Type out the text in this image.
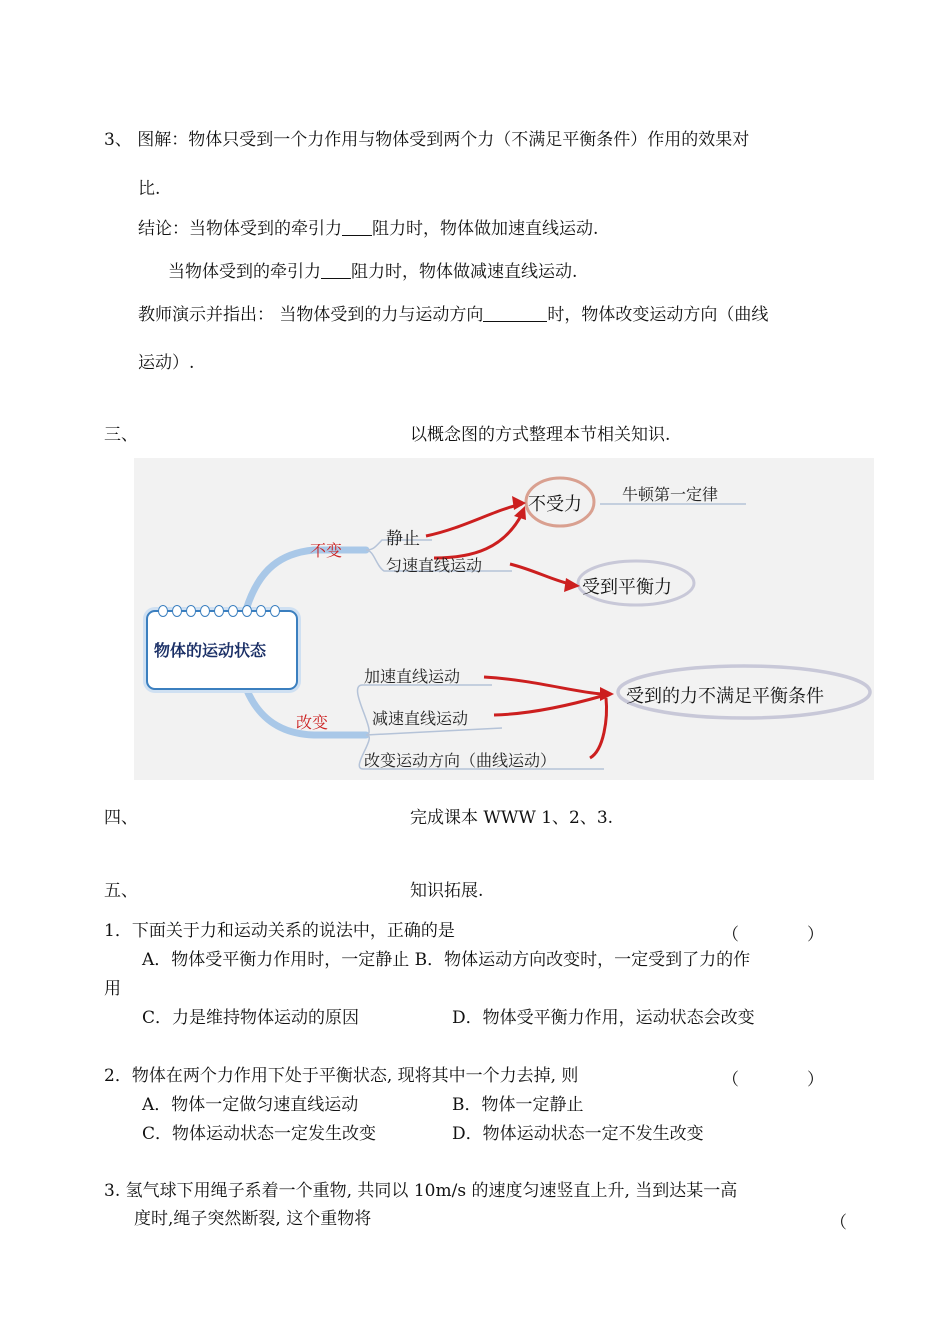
3、 图解：物体只受到一个力作用与物体受到两个力（不满足平衡条件）作用的效果对
比.
结论：当物体受到的牵引力 阻力时，物体做加速直线运动.
当物体受到的牵引力 阻力时，物体做减速直线运动.
教师演示并指出： 当物体受到的力与运动方向	时，物体改变运动方向（曲线
运动）.
三、	以概念图的方式整理本节相关知识.
物体的运动状态
不变
改变
静止
匀速直线运动
不受力	牛顿第一定律
受到平衡力
加速直线运动
减速直线运动
改变运动方向（曲线运动）
受到的力不满足平衡条件
四、	完成课本 WWW 1、2、3.
五、	知识拓展.
1．下面关于力和运动关系的说法中，正确的是	（　　　　）
A．物体受平衡力作用时，一定静止 B．物体运动方向改变时，一定受到了力的作
用
C．力是维持物体运动的原因	D．物体受平衡力作用，运动状态会改变
2．物体在两个力作用下处于平衡状态, 现将其中一个力去掉, 则	（　　　　）
A．物体一定做匀速直线运动	B．物体一定静止
C．物体运动状态一定发生改变	D．物体运动状态一定不发生改变
3. 氢气球下用绳子系着一个重物, 共同以 10m/s 的速度匀速竖直上升, 当到达某一高
度时,绳子突然断裂, 这个重物将	（
